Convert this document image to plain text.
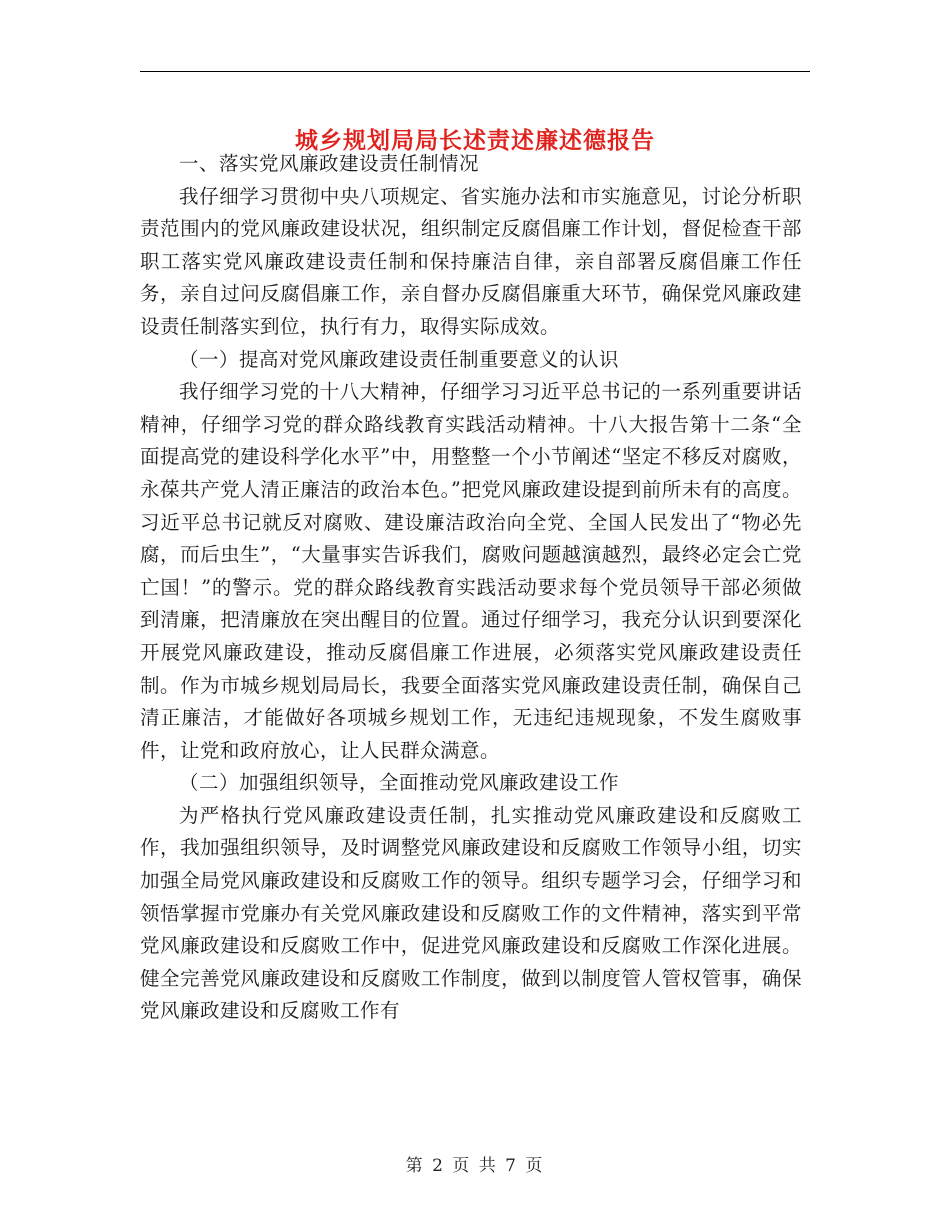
城乡规划局局长述责述廉述德报告

一、落实党风廉政建设责任制情况

我仔细学习贯彻中央八项规定、省实施办法和市实施意见，讨论分析职责范围内的党风廉政建设状况，组织制定反腐倡廉工作计划，督促检查干部职工落实党风廉政建设责任制和保持廉洁自律，亲自部署反腐倡廉工作任务，亲自过问反腐倡廉工作，亲自督办反腐倡廉重大环节，确保党风廉政建设责任制落实到位，执行有力，取得实际成效。

（一）提高对党风廉政建设责任制重要意义的认识

我仔细学习党的十八大精神，仔细学习习近平总书记的一系列重要讲话精神，仔细学习党的群众路线教育实践活动精神。十八大报告第十二条“全面提高党的建设科学化水平”中，用整整一个小节阐述“坚定不移反对腐败，永葆共产党人清正廉洁的政治本色。”把党风廉政建设提到前所未有的高度。习近平总书记就反对腐败、建设廉洁政治向全党、全国人民发出了“物必先腐，而后虫生”，“大量事实告诉我们，腐败问题越演越烈，最终必定会亡党亡国！”的警示。党的群众路线教育实践活动要求每个党员领导干部必须做到清廉，把清廉放在突出醒目的位置。通过仔细学习，我充分认识到要深化开展党风廉政建设，推动反腐倡廉工作进展，必须落实党风廉政建设责任制。作为市城乡规划局局长，我要全面落实党风廉政建设责任制，确保自己清正廉洁，才能做好各项城乡规划工作，无违纪违规现象，不发生腐败事件，让党和政府放心，让人民群众满意。

（二）加强组织领导，全面推动党风廉政建设工作

为严格执行党风廉政建设责任制，扎实推动党风廉政建设和反腐败工作，我加强组织领导，及时调整党风廉政建设和反腐败工作领导小组，切实加强全局党风廉政建设和反腐败工作的领导。组织专题学习会，仔细学习和领悟掌握市党廉办有关党风廉政建设和反腐败工作的文件精神，落实到平常党风廉政建设和反腐败工作中，促进党风廉政建设和反腐败工作深化进展。健全完善党风廉政建设和反腐败工作制度，做到以制度管人管权管事，确保党风廉政建设和反腐败工作有

第 2 页 共 7 页
